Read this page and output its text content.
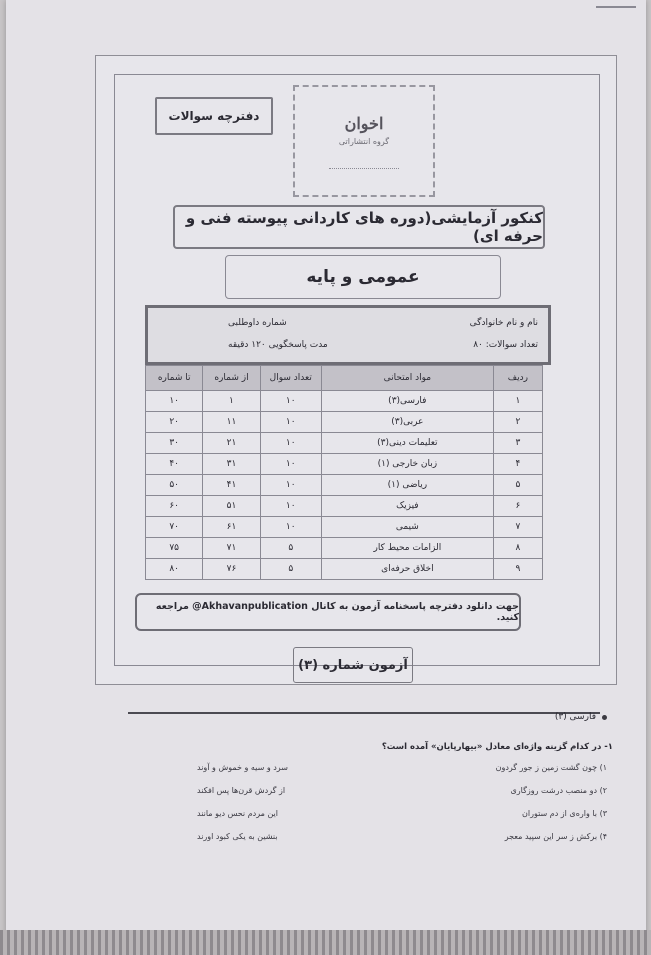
دفترچه سوالات	اخوان
گروه انتشاراتی
کنکور آزمایشی(دوره های کاردانی پیوسته فنی و حرفه ای)
عمومی و پایه
نام و نام خانوادگی
شماره داوطلبی
تعداد سوالات: ۸۰
مدت پاسخگویی ۱۲۰ دقیقه
ردیف	مواد امتحانی	تعداد سوال	از شماره	تا شماره
۱	فارسی(۳)	۱۰	۱	۱۰
۲	عربی(۳)	۱۰	۱۱	۲۰
۳	تعلیمات دینی(۳)	۱۰	۲۱	۳۰
۴	زبان خارجی (۱)	۱۰	۳۱	۴۰
۵	ریاضی (۱)	۱۰	۴۱	۵۰
۶	فیزیک	۱۰	۵۱	۶۰
۷	شیمی	۱۰	۶۱	۷۰
۸	الزامات محیط کار	۵	۷۱	۷۵
۹	اخلاق حرفه‌ای	۵	۷۶	۸۰
جهت دانلود دفترچه پاسخنامه آزمون به کانال Akhavanpublication@ مراجعه کنید.
آزمون شماره (۳)
فارسی (۳)
۱- در کدام گزینه واژه‌ای معادل «بیهارپایان» آمده است؟
۱) چون گشت زمین ز جور گردون
سرد و سیه و خموش و آوند
۲) دو منصب درشت روزگاری
از گردش قرن‌ها پس افکند
۳) با واره‌ی از دم ستوران
این مردم نحس دیو مانند
۴) برکش ز سر این سپید معجر
بنشین به یکی کبود اورند
